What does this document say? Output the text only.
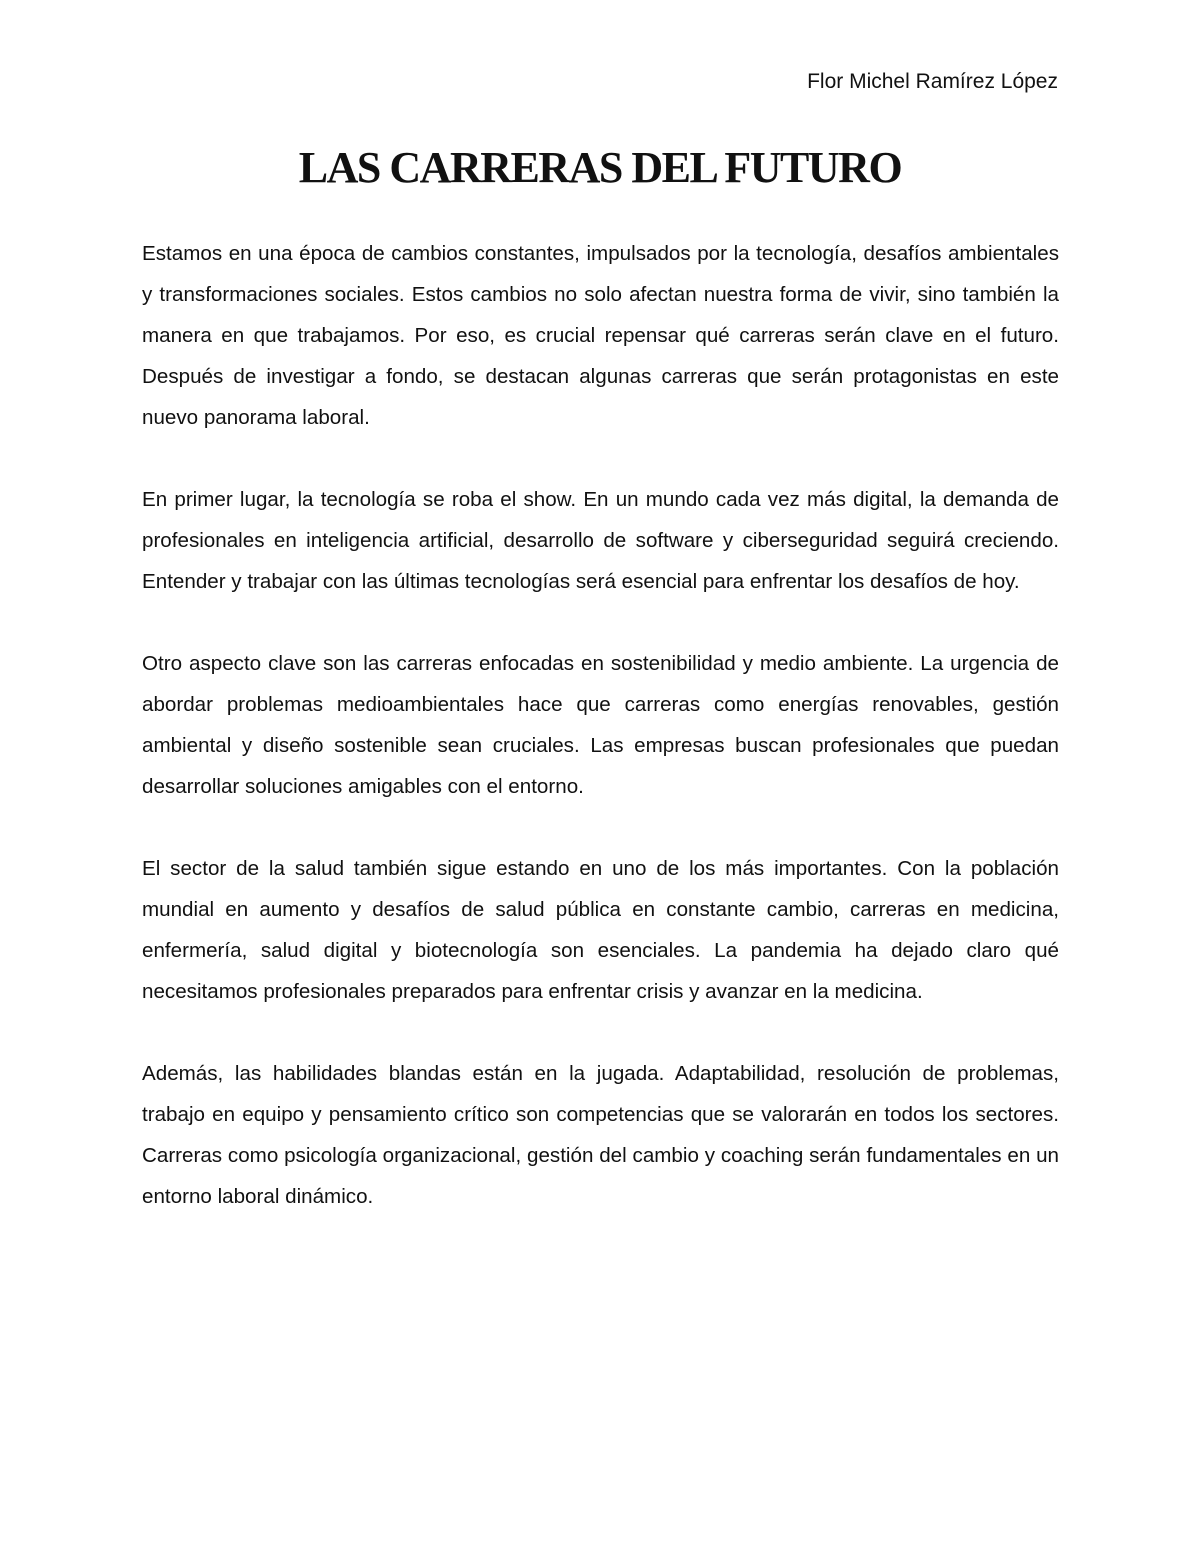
Flor Michel Ramírez López
LAS CARRERAS DEL FUTURO

Estamos en una época de cambios constantes, impulsados por la tecnología, desafíos ambientales y transformaciones sociales. Estos cambios no solo afectan nuestra forma de vivir, sino también la manera en que trabajamos. Por eso, es crucial repensar qué carreras serán clave en el futuro. Después de investigar a fondo, se destacan algunas carreras que serán protagonistas en este nuevo panorama laboral.

En primer lugar, la tecnología se roba el show. En un mundo cada vez más digital, la demanda de profesionales en inteligencia artificial, desarrollo de software y ciberseguridad seguirá creciendo. Entender y trabajar con las últimas tecnologías será esencial para enfrentar los desafíos de hoy.

Otro aspecto clave son las carreras enfocadas en sostenibilidad y medio ambiente. La urgencia de abordar problemas medioambientales hace que carreras como energías renovables, gestión ambiental y diseño sostenible sean cruciales. Las empresas buscan profesionales que puedan desarrollar soluciones amigables con el entorno.

El sector de la salud también sigue estando en uno de los más importantes. Con la población mundial en aumento y desafíos de salud pública en constante cambio, carreras en medicina, enfermería, salud digital y biotecnología son esenciales. La pandemia ha dejado claro qué necesitamos profesionales preparados para enfrentar crisis y avanzar en la medicina.

Además, las habilidades blandas están en la jugada. Adaptabilidad, resolución de problemas, trabajo en equipo y pensamiento crítico son competencias que se valorarán en todos los sectores. Carreras como psicología organizacional, gestión del cambio y coaching serán fundamentales en un entorno laboral dinámico.
